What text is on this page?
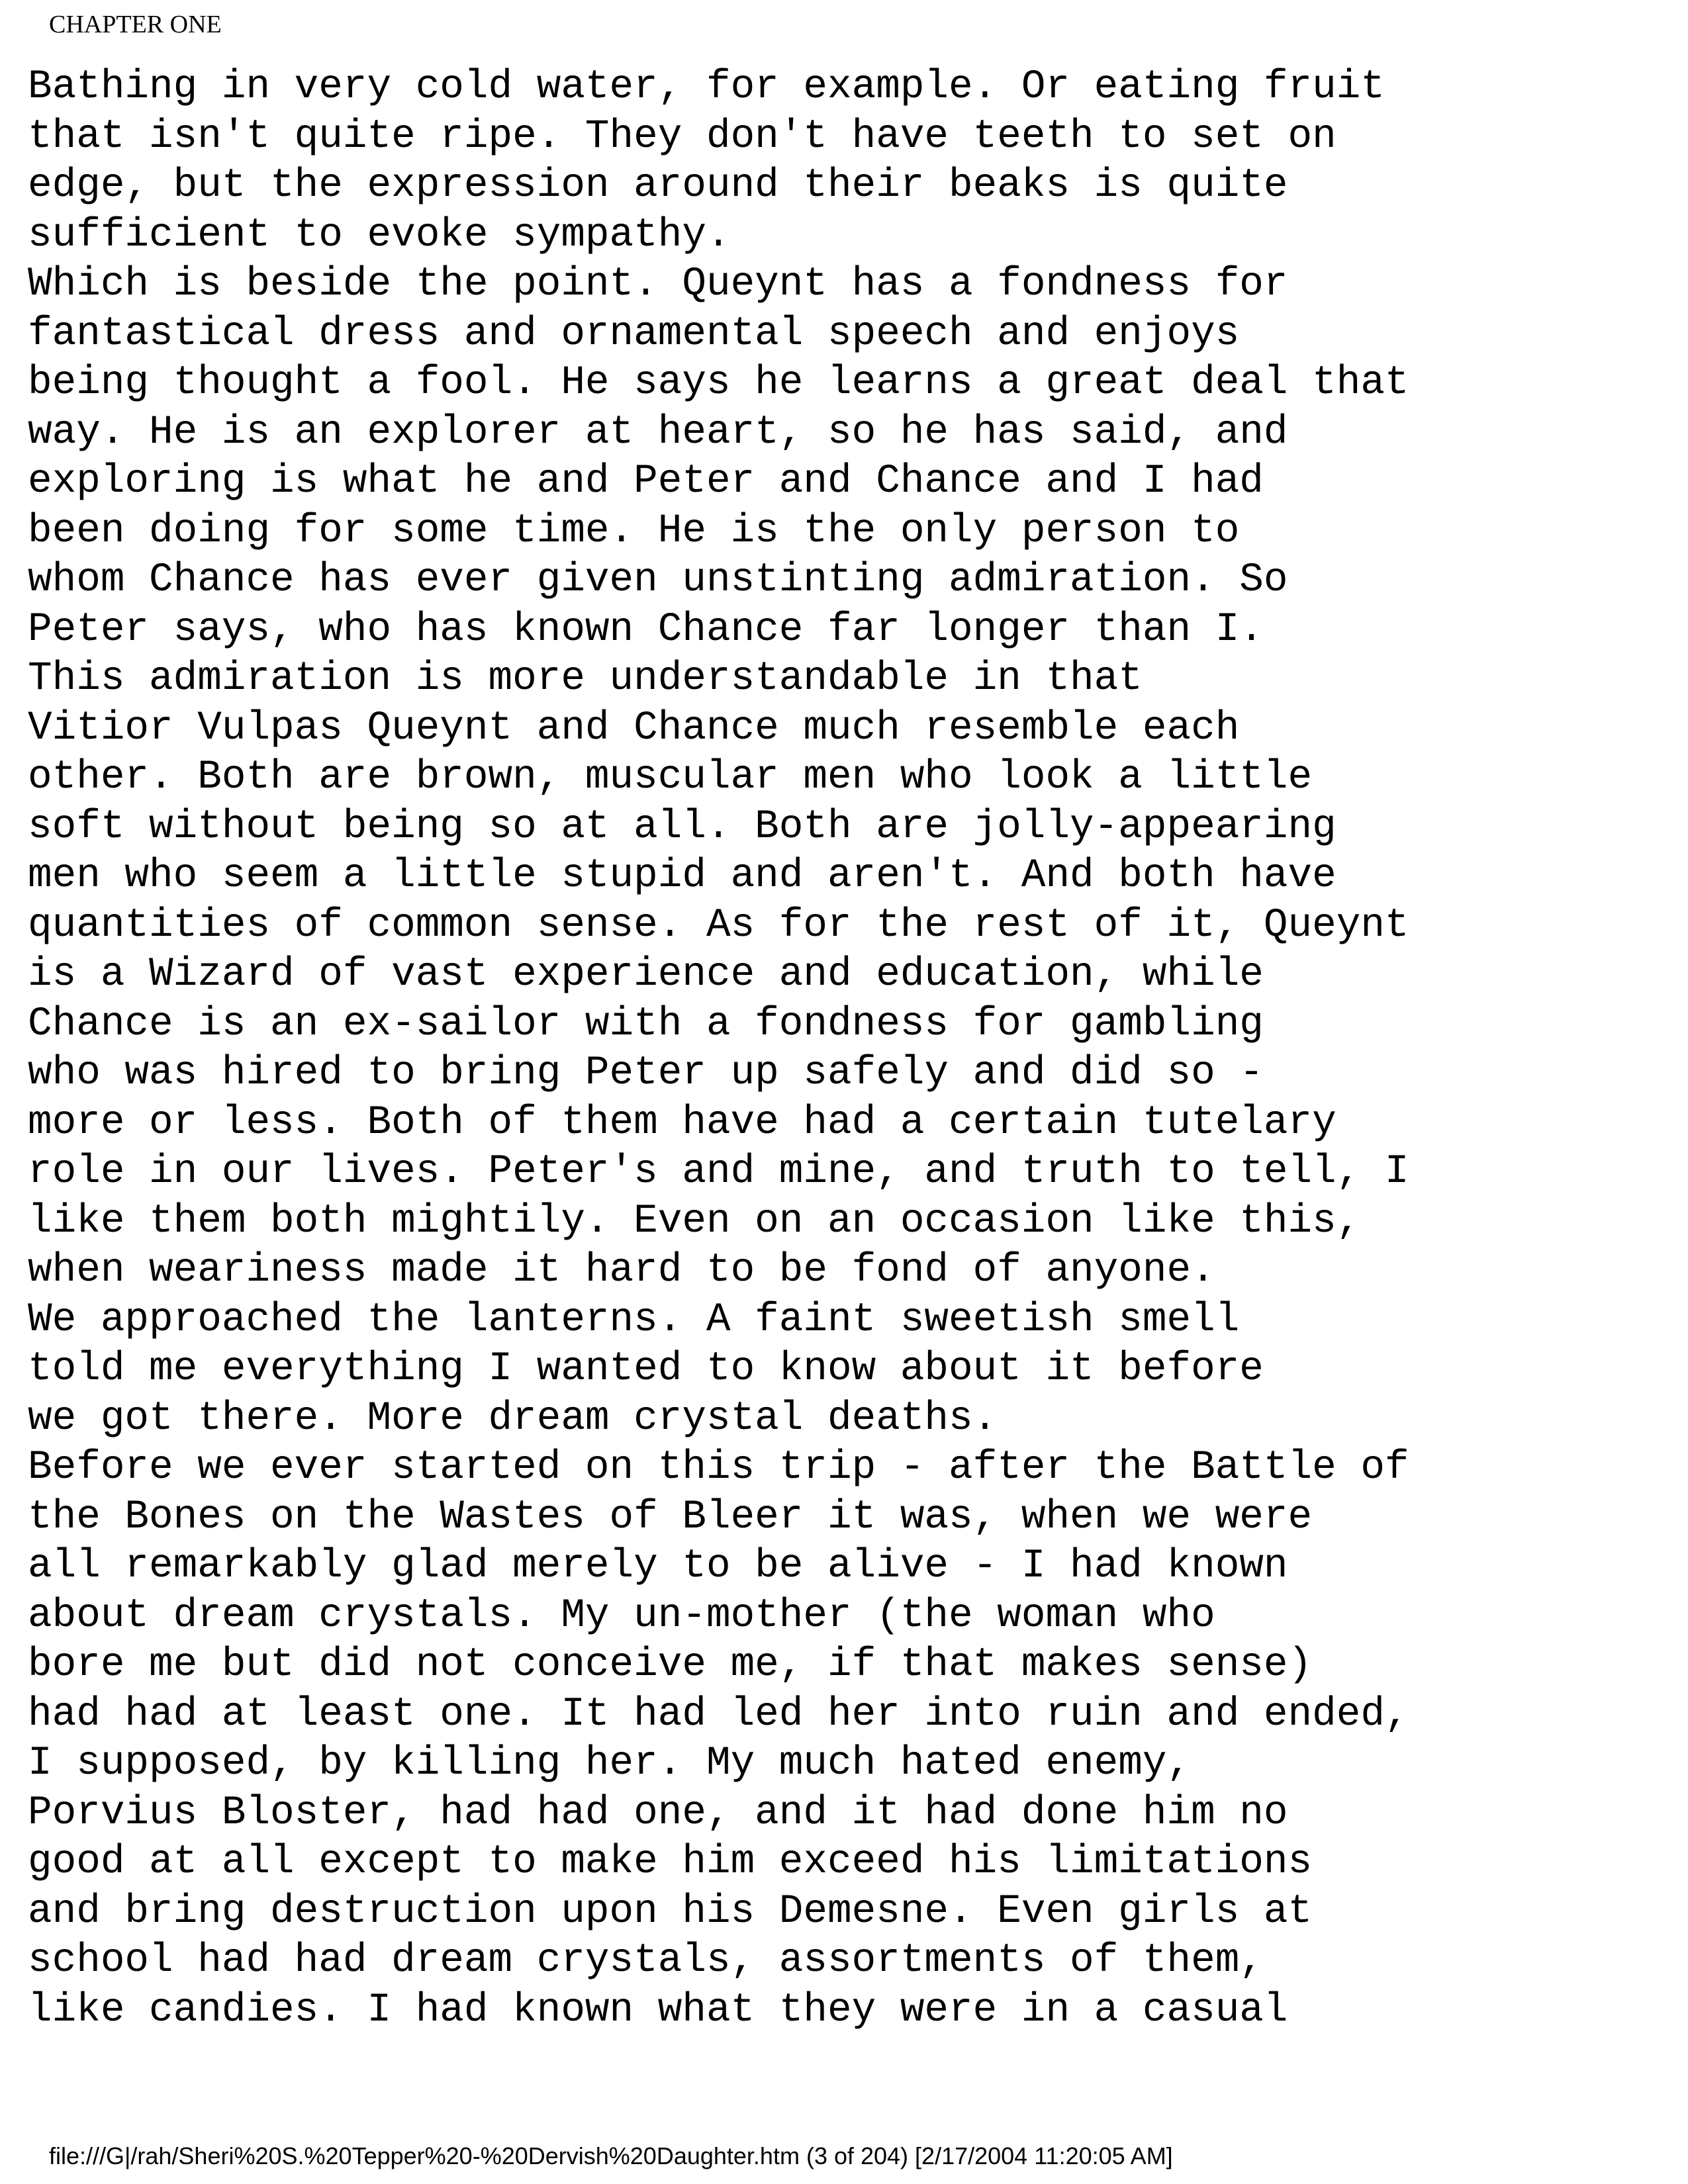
CHAPTER ONE
Bathing in very cold water, for example. Or eating fruit
that isn't quite ripe. They don't have teeth to set on
edge, but the expression around their beaks is quite
sufficient to evoke sympathy.
Which is beside the point. Queynt has a fondness for
fantastical dress and ornamental speech and enjoys
being thought a fool. He says he learns a great deal that
way. He is an explorer at heart, so he has said, and
exploring is what he and Peter and Chance and I had
been doing for some time. He is the only person to
whom Chance has ever given unstinting admiration. So
Peter says, who has known Chance far longer than I.
This admiration is more understandable in that
Vitior Vulpas Queynt and Chance much resemble each
other. Both are brown, muscular men who look a little
soft without being so at all. Both are jolly-appearing
men who seem a little stupid and aren't. And both have
quantities of common sense. As for the rest of it, Queynt
is a Wizard of vast experience and education, while
Chance is an ex-sailor with a fondness for gambling
who was hired to bring Peter up safely and did so -
more or less. Both of them have had a certain tutelary
role in our lives. Peter's and mine, and truth to tell, I
like them both mightily. Even on an occasion like this,
when weariness made it hard to be fond of anyone.
We approached the lanterns. A faint sweetish smell
told me everything I wanted to know about it before
we got there. More dream crystal deaths.
Before we ever started on this trip - after the Battle of
the Bones on the Wastes of Bleer it was, when we were
all remarkably glad merely to be alive - I had known
about dream crystals. My un-mother (the woman who
bore me but did not conceive me, if that makes sense)
had had at least one. It had led her into ruin and ended,
I supposed, by killing her. My much hated enemy,
Porvius Bloster, had had one, and it had done him no
good at all except to make him exceed his limitations
and bring destruction upon his Demesne. Even girls at
school had had dream crystals, assortments of them,
like candies. I had known what they were in a casual
file:///G|/rah/Sheri%20S.%20Tepper%20-%20Dervish%20Daughter.htm (3 of 204) [2/17/2004 11:20:05 AM]
